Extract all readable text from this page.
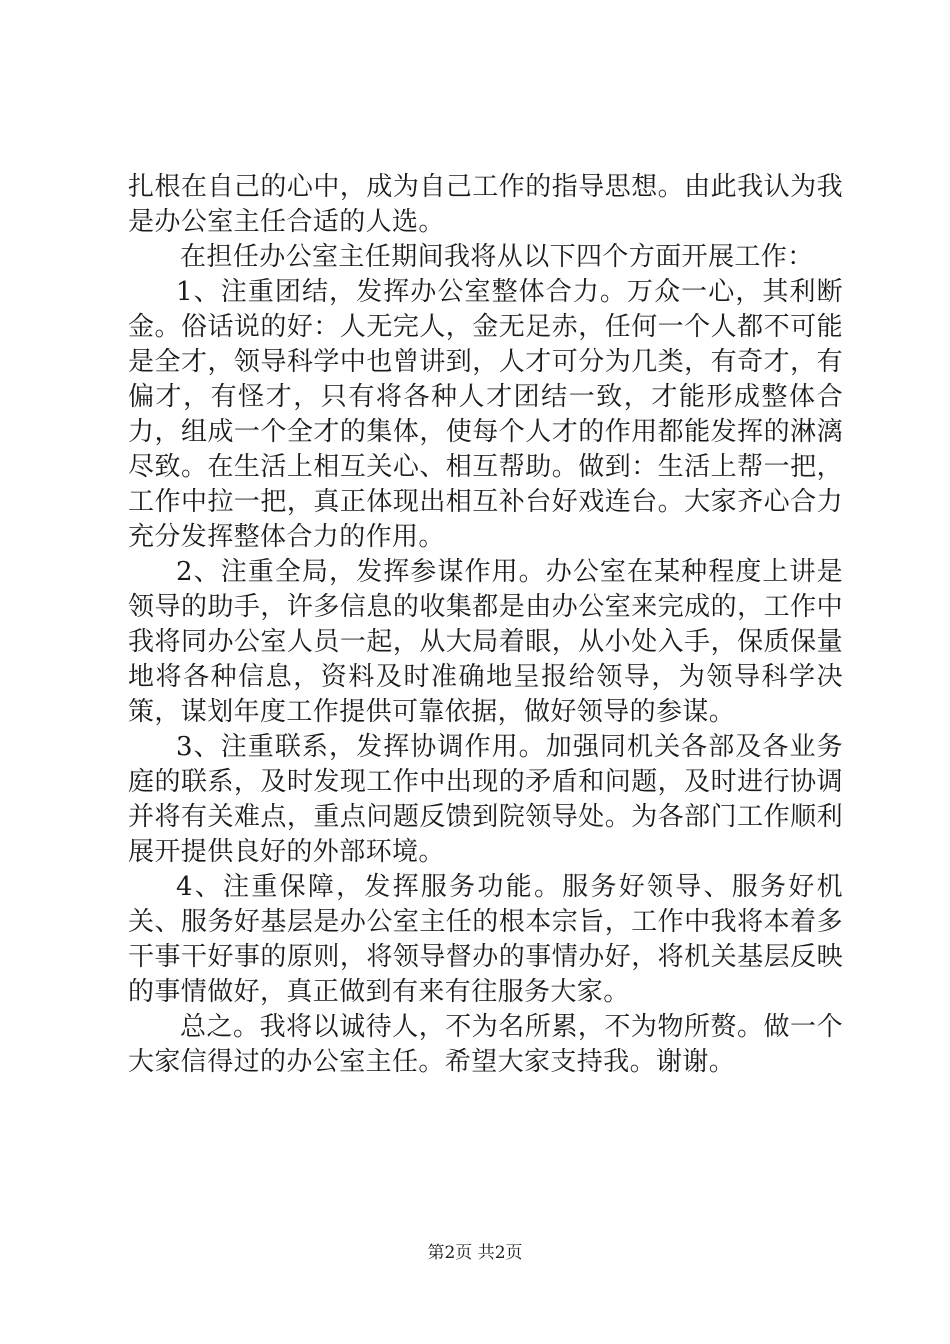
扎根在自己的心中，成为自己工作的指导思想。由此我认为我是办公室主任合适的人选。

在担任办公室主任期间我将从以下四个方面开展工作：

1、注重团结，发挥办公室整体合力。万众一心，其利断金。俗话说的好：人无完人，金无足赤，任何一个人都不可能是全才，领导科学中也曾讲到，人才可分为几类，有奇才，有偏才，有怪才，只有将各种人才团结一致，才能形成整体合力，组成一个全才的集体，使每个人才的作用都能发挥的淋漓尽致。在生活上相互关心、相互帮助。做到：生活上帮一把，工作中拉一把，真正体现出相互补台好戏连台。大家齐心合力充分发挥整体合力的作用。

2、注重全局，发挥参谋作用。办公室在某种程度上讲是领导的助手，许多信息的收集都是由办公室来完成的，工作中我将同办公室人员一起，从大局着眼，从小处入手，保质保量地将各种信息，资料及时准确地呈报给领导，为领导科学决策，谋划年度工作提供可靠依据，做好领导的参谋。

3、注重联系，发挥协调作用。加强同机关各部及各业务庭的联系，及时发现工作中出现的矛盾和问题，及时进行协调并将有关难点，重点问题反馈到院领导处。为各部门工作顺利展开提供良好的外部环境。

4、注重保障，发挥服务功能。服务好领导、服务好机关、服务好基层是办公室主任的根本宗旨，工作中我将本着多干事干好事的原则，将领导督办的事情办好，将机关基层反映的事情做好，真正做到有来有往服务大家。

总之。我将以诚待人，不为名所累，不为物所赘。做一个大家信得过的办公室主任。希望大家支持我。谢谢。

第2页 共2页
